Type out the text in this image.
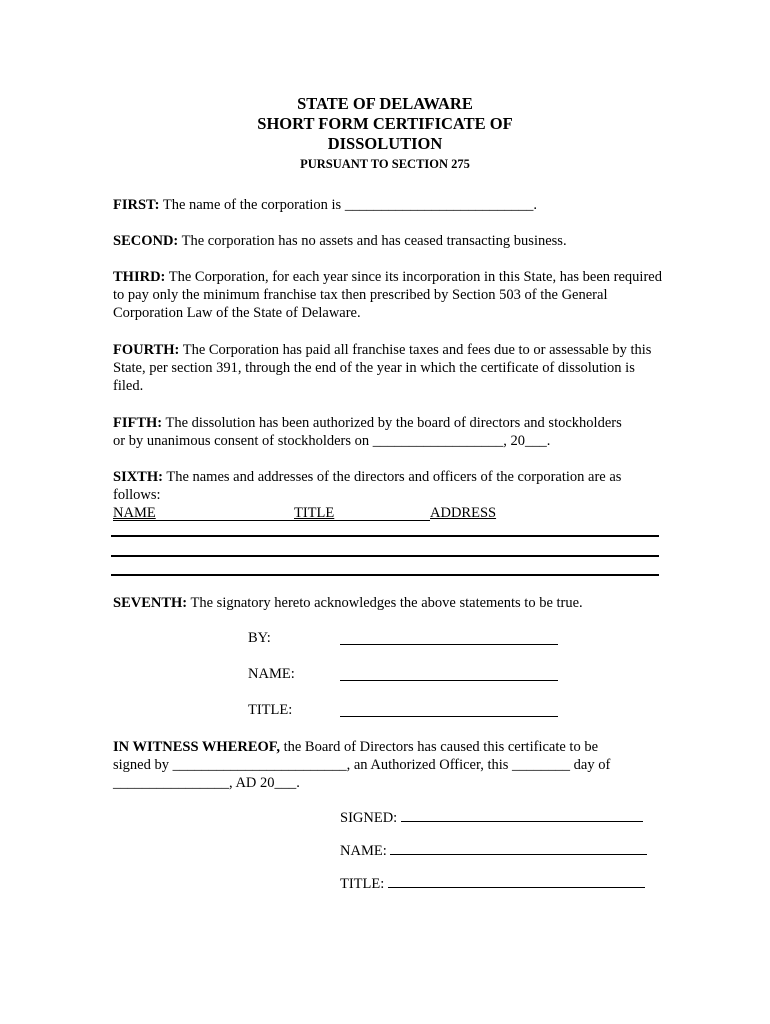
STATE OF DELAWARE
SHORT FORM CERTIFICATE OF
DISSOLUTION
PURSUANT TO SECTION 275
FIRST: The name of the corporation is __________________________.
SECOND: The corporation has no assets and has ceased transacting business.
THIRD: The Corporation, for each year since its incorporation in this State, has been required to pay only the minimum franchise tax then prescribed by Section 503 of the General Corporation Law of the State of Delaware.
FOURTH: The Corporation has paid all franchise taxes and fees due to or assessable by this State, per section 391, through the end of the year in which the certificate of dissolution is filed.
FIFTH: The dissolution has been authorized by the board of directors and stockholders
or by unanimous consent of stockholders on __________________, 20___.
SIXTH: The names and addresses of the directors and officers of the corporation are as
follows:
NAME	TITLE	ADDRESS
SEVENTH: The signatory hereto acknowledges the above statements to be true.
BY:
NAME:
TITLE:
IN WITNESS WHEREOF, the Board of Directors has caused this certificate to be
signed by ________________________, an Authorized Officer, this ________ day of
________________, AD 20___.
SIGNED:
NAME:
TITLE:
